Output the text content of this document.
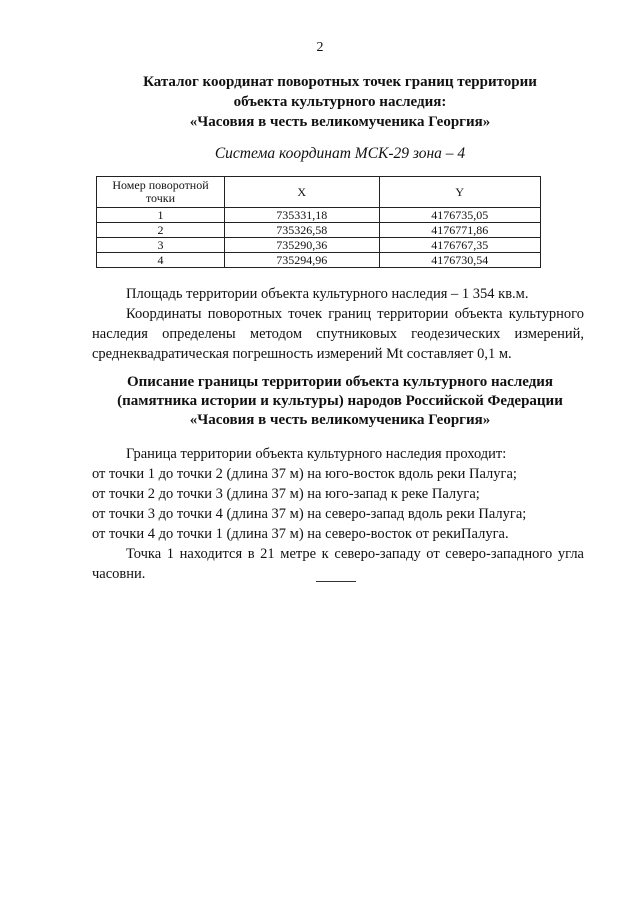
2
Каталог координат поворотных точек границ территории
объекта культурного наследия:
«Часовия в честь великомученика Георгия»
Система координат МСК-29 зона – 4
Номер поворотной точки	X	Y
1	735331,18	4176735,05
2	735326,58	4176771,86
3	735290,36	4176767,35
4	735294,96	4176730,54
Площадь территории объекта культурного наследия – 1 354 кв.м.
Координаты поворотных точек границ территории объекта культурного наследия определены методом спутниковых геодезических измерений, среднеквадратическая погрешность измерений Mt составляет 0,1 м.
Описание границы территории объекта культурного наследия
(памятника истории и культуры) народов Российской Федерации
«Часовия в честь великомученика Георгия»
Граница территории объекта культурного наследия проходит:
от точки 1 до точки 2 (длина 37 м) на юго-восток вдоль реки Палуга;
от точки 2 до точки 3 (длина 37 м) на юго-запад к реке Палуга;
от точки 3 до точки 4 (длина 37 м) на северо-запад вдоль реки Палуга;
от точки 4 до точки 1 (длина 37 м) на северо-восток от рекиПалуга.
Точка 1 находится в 21 метре к северо-западу от северо-западного угла часовни.
